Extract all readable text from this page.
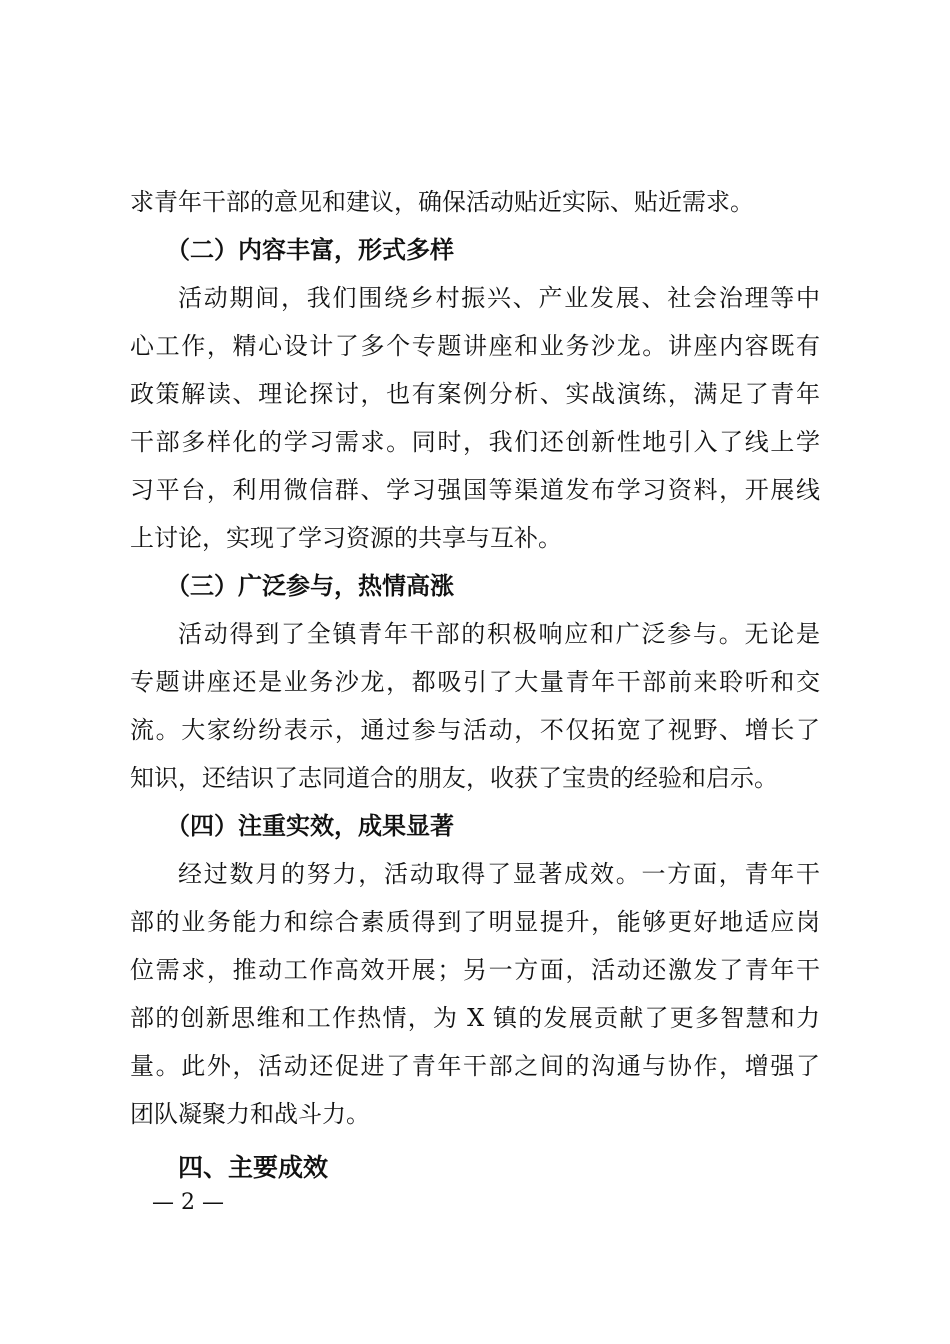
求青年干部的意见和建议，确保活动贴近实际、贴近需求。
（二）内容丰富，形式多样
活动期间，我们围绕乡村振兴、产业发展、社会治理等中
心工作，精心设计了多个专题讲座和业务沙龙。讲座内容既有
政策解读、理论探讨，也有案例分析、实战演练，满足了青年
干部多样化的学习需求。同时，我们还创新性地引入了线上学
习平台，利用微信群、学习强国等渠道发布学习资料，开展线
上讨论，实现了学习资源的共享与互补。
（三）广泛参与，热情高涨
活动得到了全镇青年干部的积极响应和广泛参与。无论是
专题讲座还是业务沙龙，都吸引了大量青年干部前来聆听和交
流。大家纷纷表示，通过参与活动，不仅拓宽了视野、增长了
知识，还结识了志同道合的朋友，收获了宝贵的经验和启示。
（四）注重实效，成果显著
经过数月的努力，活动取得了显著成效。一方面，青年干
部的业务能力和综合素质得到了明显提升，能够更好地适应岗
位需求，推动工作高效开展；另一方面，活动还激发了青年干
部的创新思维和工作热情，为 X 镇的发展贡献了更多智慧和力
量。此外，活动还促进了青年干部之间的沟通与协作，增强了
团队凝聚力和战斗力。
四、主要成效
— 2 —
